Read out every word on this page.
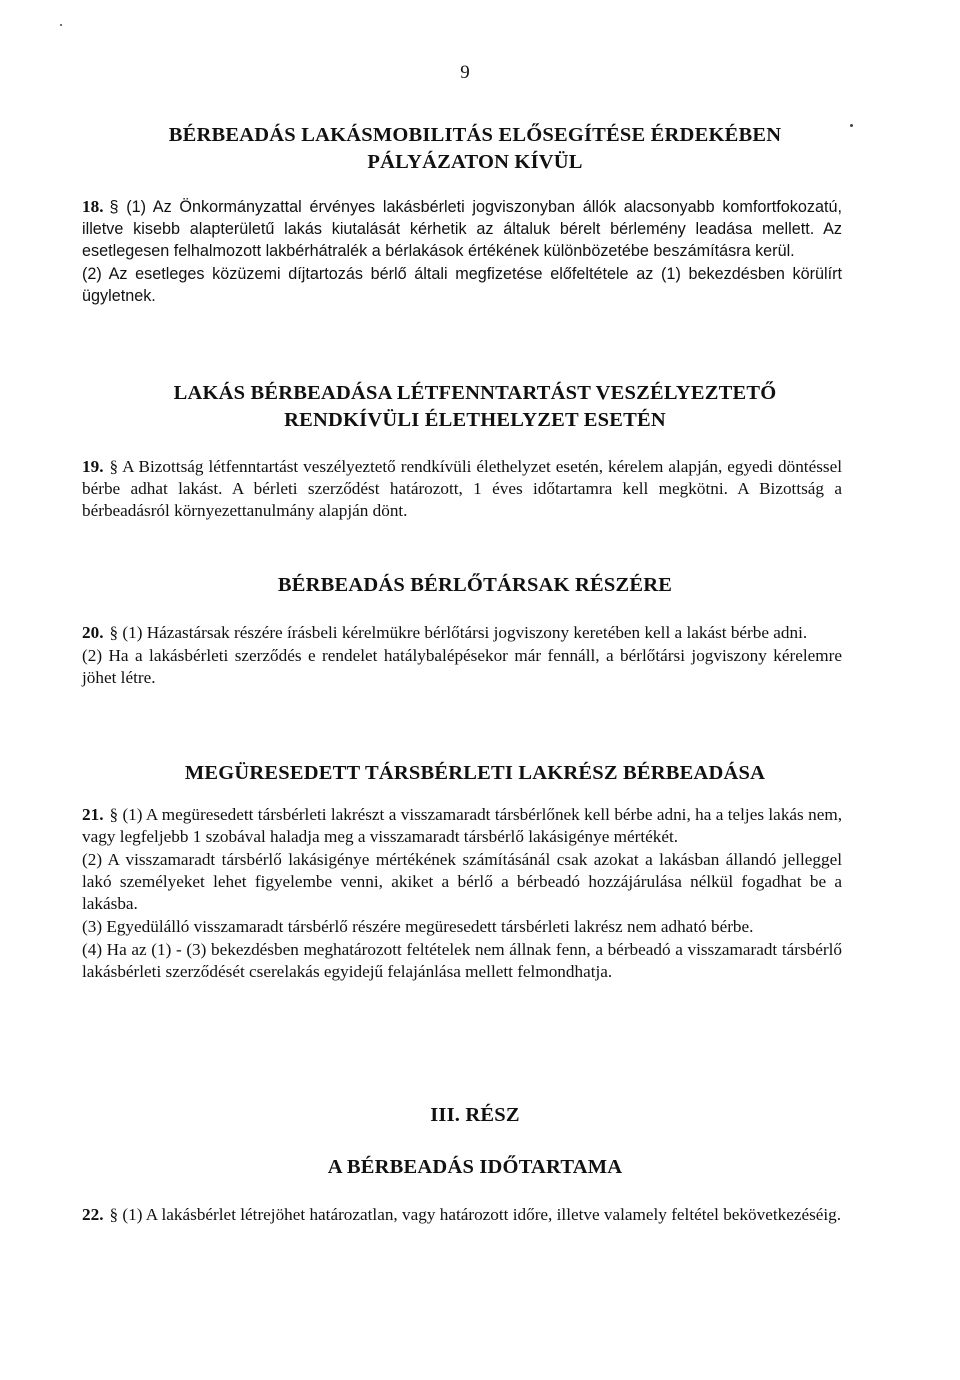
9
BÉRBEADÁS LAKÁSMOBILITÁS ELŐSEGÍTÉSE ÉRDEKÉBEN
PÁLYÁZATON KÍVÜL

18. § (1) Az Önkormányzattal érvényes lakásbérleti jogviszonyban állók alacsonyabb komfortfokozatú, illetve kisebb alapterületű lakás kiutalását kérhetik az általuk bérelt bérlemény leadása mellett. Az esetlegesen felhalmozott lakbérhátralék a bérlakások értékének különbözetébe beszámításra kerül.

(2) Az esetleges közüzemi díjtartozás bérlő általi megfizetése előfeltétele az (1) bekezdésben körülírt ügyletnek.

LAKÁS BÉRBEADÁSA LÉTFENNTARTÁST VESZÉLYEZTETŐ
RENDKÍVÜLI ÉLETHELYZET ESETÉN

19. § A Bizottság létfenntartást veszélyeztető rendkívüli élethelyzet esetén, kérelem alapján, egyedi döntéssel bérbe adhat lakást. A bérleti szerződést határozott, 1 éves időtartamra kell megkötni. A Bizottság a bérbeadásról környezettanulmány alapján dönt.

BÉRBEADÁS BÉRLŐTÁRSAK RÉSZÉRE

20. § (1) Házastársak részére írásbeli kérelmükre bérlőtársi jogviszony keretében kell a lakást bérbe adni.

(2) Ha a lakásbérleti szerződés e rendelet hatálybalépésekor már fennáll, a bérlőtársi jogviszony kérelemre jöhet létre.

MEGÜRESEDETT TÁRSBÉRLETI LAKRÉSZ BÉRBEADÁSA

21. § (1) A megüresedett társbérleti lakrészt a visszamaradt társbérlőnek kell bérbe adni, ha a teljes lakás nem, vagy legfeljebb 1 szobával haladja meg a visszamaradt társbérlő lakásigénye mértékét.

(2) A visszamaradt társbérlő lakásigénye mértékének számításánál csak azokat a lakásban állandó jelleggel lakó személyeket lehet figyelembe venni, akiket a bérlő a bérbeadó hozzájárulása nélkül fogadhat be a lakásba.

(3) Egyedülálló visszamaradt társbérlő részére megüresedett társbérleti lakrész nem adható bérbe.

(4) Ha az (1) - (3) bekezdésben meghatározott feltételek nem állnak fenn, a bérbeadó a visszamaradt társbérlő lakásbérleti szerződését cserelakás egyidejű felajánlása mellett felmondhatja.

III. RÉSZ
A BÉRBEADÁS IDŐTARTAMA

22. § (1) A lakásbérlet létrejöhet határozatlan, vagy határozott időre, illetve valamely feltétel bekövetkezéséig.
